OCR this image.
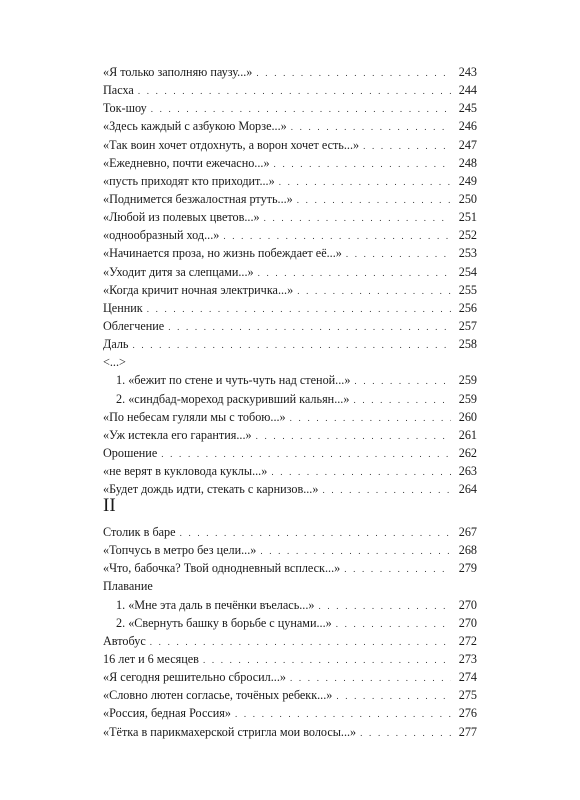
«Я только заполняю паузу...» . . .	243
Пасха . . .	244
Ток-шоу . . .	245
«Здесь каждый с азбукою Морзе...» . . .	246
«Так воин хочет отдохнуть, а ворон хочет есть...» . . .	247
«Ежедневно, почти ежечасно...» . . .	248
«пусть приходят кто приходит...» . . .	249
«Поднимется безжалостная ртуть...» . . .	250
«Любой из полевых цветов...» . . .	251
«однообразный ход...» . . .	252
«Начинается проза, но жизнь побеждает её...» . . .	253
«Уходит дитя за слепцами...» . . .	254
«Когда кричит ночная электричка...» . . .	255
Ценник . . .	256
Облегчение . . .	257
Даль . . .	258
<...>
1. «бежит по стене и чуть-чуть над стеной...» . . .	259
2. «синдбад-мореход раскуривший кальян...» . . .	259
«По небесам гуляли мы с тобою...» . . .	260
«Уж истекла его гарантия...» . . .	261
Орошение . . .	262
«не верят в кукловода куклы...» . . .	263
«Будет дождь идти, стекать с карнизов...» . . .	264
II
Столик в баре . . .	267
«Топчусь в метро без цели...» . . .	268
«Что, бабочка? Твой однодневный всплеск...» . . .	279
Плавание
1. «Мне эта даль в печёнки въелась...» . . .	270
2. «Свернуть башку в борьбе с цунами...» . . .	270
Автобус . . .	272
16 лет и 6 месяцев . . .	273
«Я сегодня решительно сбросил...» . . .	274
«Словно лютен согласье, точёных ребекк...» . . .	275
«Россия, бедная Россия» . . .	276
«Тётка в парикмахерской стригла мои волосы...» . . .	277
